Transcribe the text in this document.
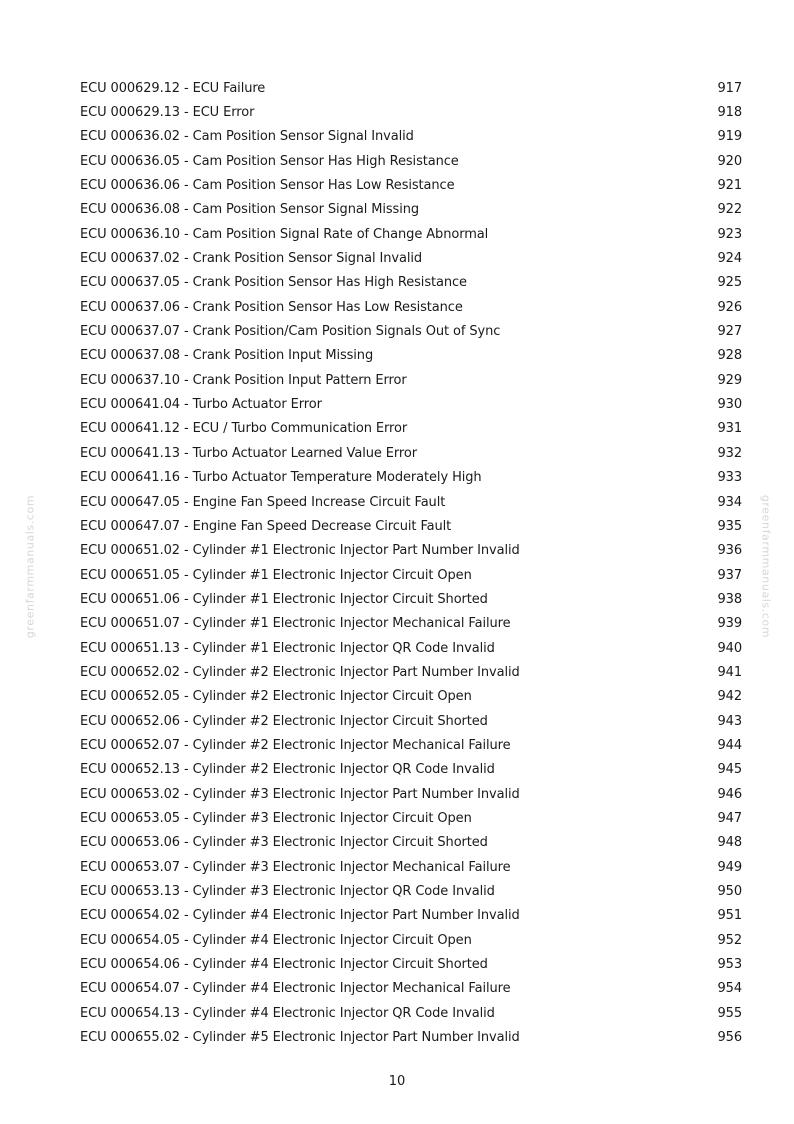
greenfarmmanuals.com	greenfarmmanuals.com
ECU 000629.12 - ECU Failure	917
ECU 000629.13 - ECU Error	918
ECU 000636.02 - Cam Position Sensor Signal Invalid	919
ECU 000636.05 - Cam Position Sensor Has High Resistance	920
ECU 000636.06 - Cam Position Sensor Has Low Resistance	921
ECU 000636.08 - Cam Position Sensor Signal Missing	922
ECU 000636.10 - Cam Position Signal Rate of Change Abnormal	923
ECU 000637.02 - Crank Position Sensor Signal Invalid	924
ECU 000637.05 - Crank Position Sensor Has High Resistance	925
ECU 000637.06 - Crank Position Sensor Has Low Resistance	926
ECU 000637.07 - Crank Position/Cam Position Signals Out of Sync	927
ECU 000637.08 - Crank Position Input Missing	928
ECU 000637.10 - Crank Position Input Pattern Error	929
ECU 000641.04 - Turbo Actuator Error	930
ECU 000641.12 - ECU / Turbo Communication Error	931
ECU 000641.13 - Turbo Actuator Learned Value Error	932
ECU 000641.16 - Turbo Actuator Temperature Moderately High	933
ECU 000647.05 - Engine Fan Speed Increase Circuit Fault	934
ECU 000647.07 - Engine Fan Speed Decrease Circuit Fault	935
ECU 000651.02 - Cylinder #1 Electronic Injector Part Number Invalid	936
ECU 000651.05 - Cylinder #1 Electronic Injector Circuit Open	937
ECU 000651.06 - Cylinder #1 Electronic Injector Circuit Shorted	938
ECU 000651.07 - Cylinder #1 Electronic Injector Mechanical Failure	939
ECU 000651.13 - Cylinder #1 Electronic Injector QR Code Invalid	940
ECU 000652.02 - Cylinder #2 Electronic Injector Part Number Invalid	941
ECU 000652.05 - Cylinder #2 Electronic Injector Circuit Open	942
ECU 000652.06 - Cylinder #2 Electronic Injector Circuit Shorted	943
ECU 000652.07 - Cylinder #2 Electronic Injector Mechanical Failure	944
ECU 000652.13 - Cylinder #2 Electronic Injector QR Code Invalid	945
ECU 000653.02 - Cylinder #3 Electronic Injector Part Number Invalid	946
ECU 000653.05 - Cylinder #3 Electronic Injector Circuit Open	947
ECU 000653.06 - Cylinder #3 Electronic Injector Circuit Shorted	948
ECU 000653.07 - Cylinder #3 Electronic Injector Mechanical Failure	949
ECU 000653.13 - Cylinder #3 Electronic Injector QR Code Invalid	950
ECU 000654.02 - Cylinder #4 Electronic Injector Part Number Invalid	951
ECU 000654.05 - Cylinder #4 Electronic Injector Circuit Open	952
ECU 000654.06 - Cylinder #4 Electronic Injector Circuit Shorted	953
ECU 000654.07 - Cylinder #4 Electronic Injector Mechanical Failure	954
ECU 000654.13 - Cylinder #4 Electronic Injector QR Code Invalid	955
ECU 000655.02 - Cylinder #5 Electronic Injector Part Number Invalid	956
10
